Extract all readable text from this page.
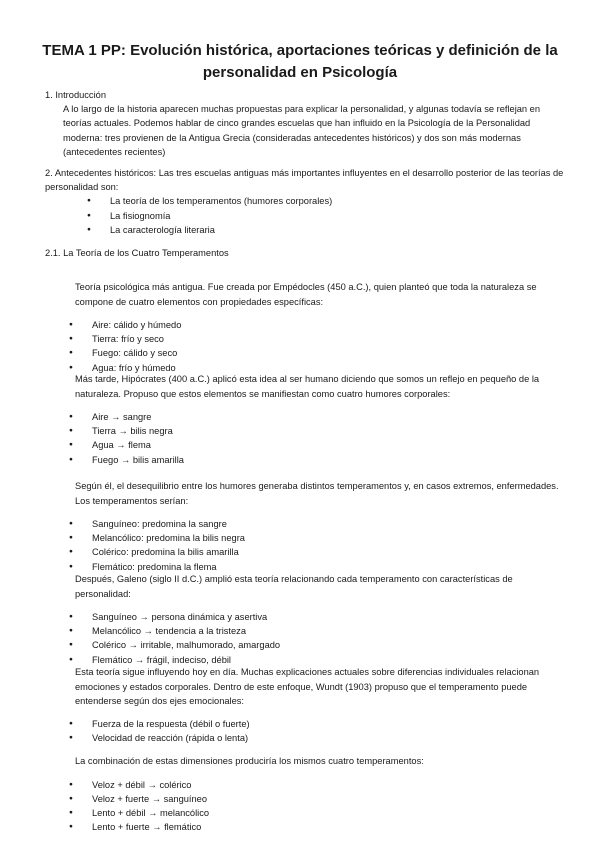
TEMA 1 PP: Evolución histórica, aportaciones teóricas y definición de la personalidad en Psicología

1. Introducción

A lo largo de la historia aparecen muchas propuestas para explicar la personalidad, y algunas todavía se reflejan en teorías actuales. Podemos hablar de cinco grandes escuelas que han influido en la Psicología de la Personalidad moderna: tres provienen de la Antigua Grecia (consideradas antecedentes históricos) y dos son más modernas (antecedentes recientes)

2. Antecedentes históricos: Las tres escuelas antiguas más importantes influyentes en el desarrollo posterior de las teorías de personalidad son:

● La teoría de los temperamentos (humores corporales)
● La fisiognomía
● La caracterología literaria

2.1. La Teoría de los Cuatro Temperamentos

Teoría psicológica más antigua. Fue creada por Empédocles (450 a.C.), quien planteó que toda la naturaleza se compone de cuatro elementos con propiedades específicas:

● Aire: cálido y húmedo
● Tierra: frío y seco
● Fuego: cálido y seco
● Agua: frío y húmedo

Más tarde, Hipócrates (400 a.C.) aplicó esta idea al ser humano diciendo que somos un reflejo en pequeño de la naturaleza. Propuso que estos elementos se manifiestan como cuatro humores corporales:

● Aire → sangre
● Tierra → bilis negra
● Agua → flema
● Fuego → bilis amarilla

Según él, el desequilibrio entre los humores generaba distintos temperamentos y, en casos extremos, enfermedades. Los temperamentos serían:

● Sanguíneo: predomina la sangre
● Melancólico: predomina la bilis negra
● Colérico: predomina la bilis amarilla
● Flemático: predomina la flema

Después, Galeno (siglo II d.C.) amplió esta teoría relacionando cada temperamento con características de personalidad:

● Sanguíneo → persona dinámica y asertiva
● Melancólico → tendencia a la tristeza
● Colérico → irritable, malhumorado, amargado
● Flemático → frágil, indeciso, débil

Esta teoría sigue influyendo hoy en día. Muchas explicaciones actuales sobre diferencias individuales relacionan emociones y estados corporales. Dentro de este enfoque, Wundt (1903) propuso que el temperamento puede entenderse según dos ejes emocionales:

● Fuerza de la respuesta (débil o fuerte)
● Velocidad de reacción (rápida o lenta)

La combinación de estas dimensiones produciría los mismos cuatro temperamentos:

● Veloz + débil → colérico
● Veloz + fuerte → sanguíneo
● Lento + débil → melancólico
● Lento + fuerte → flemático
